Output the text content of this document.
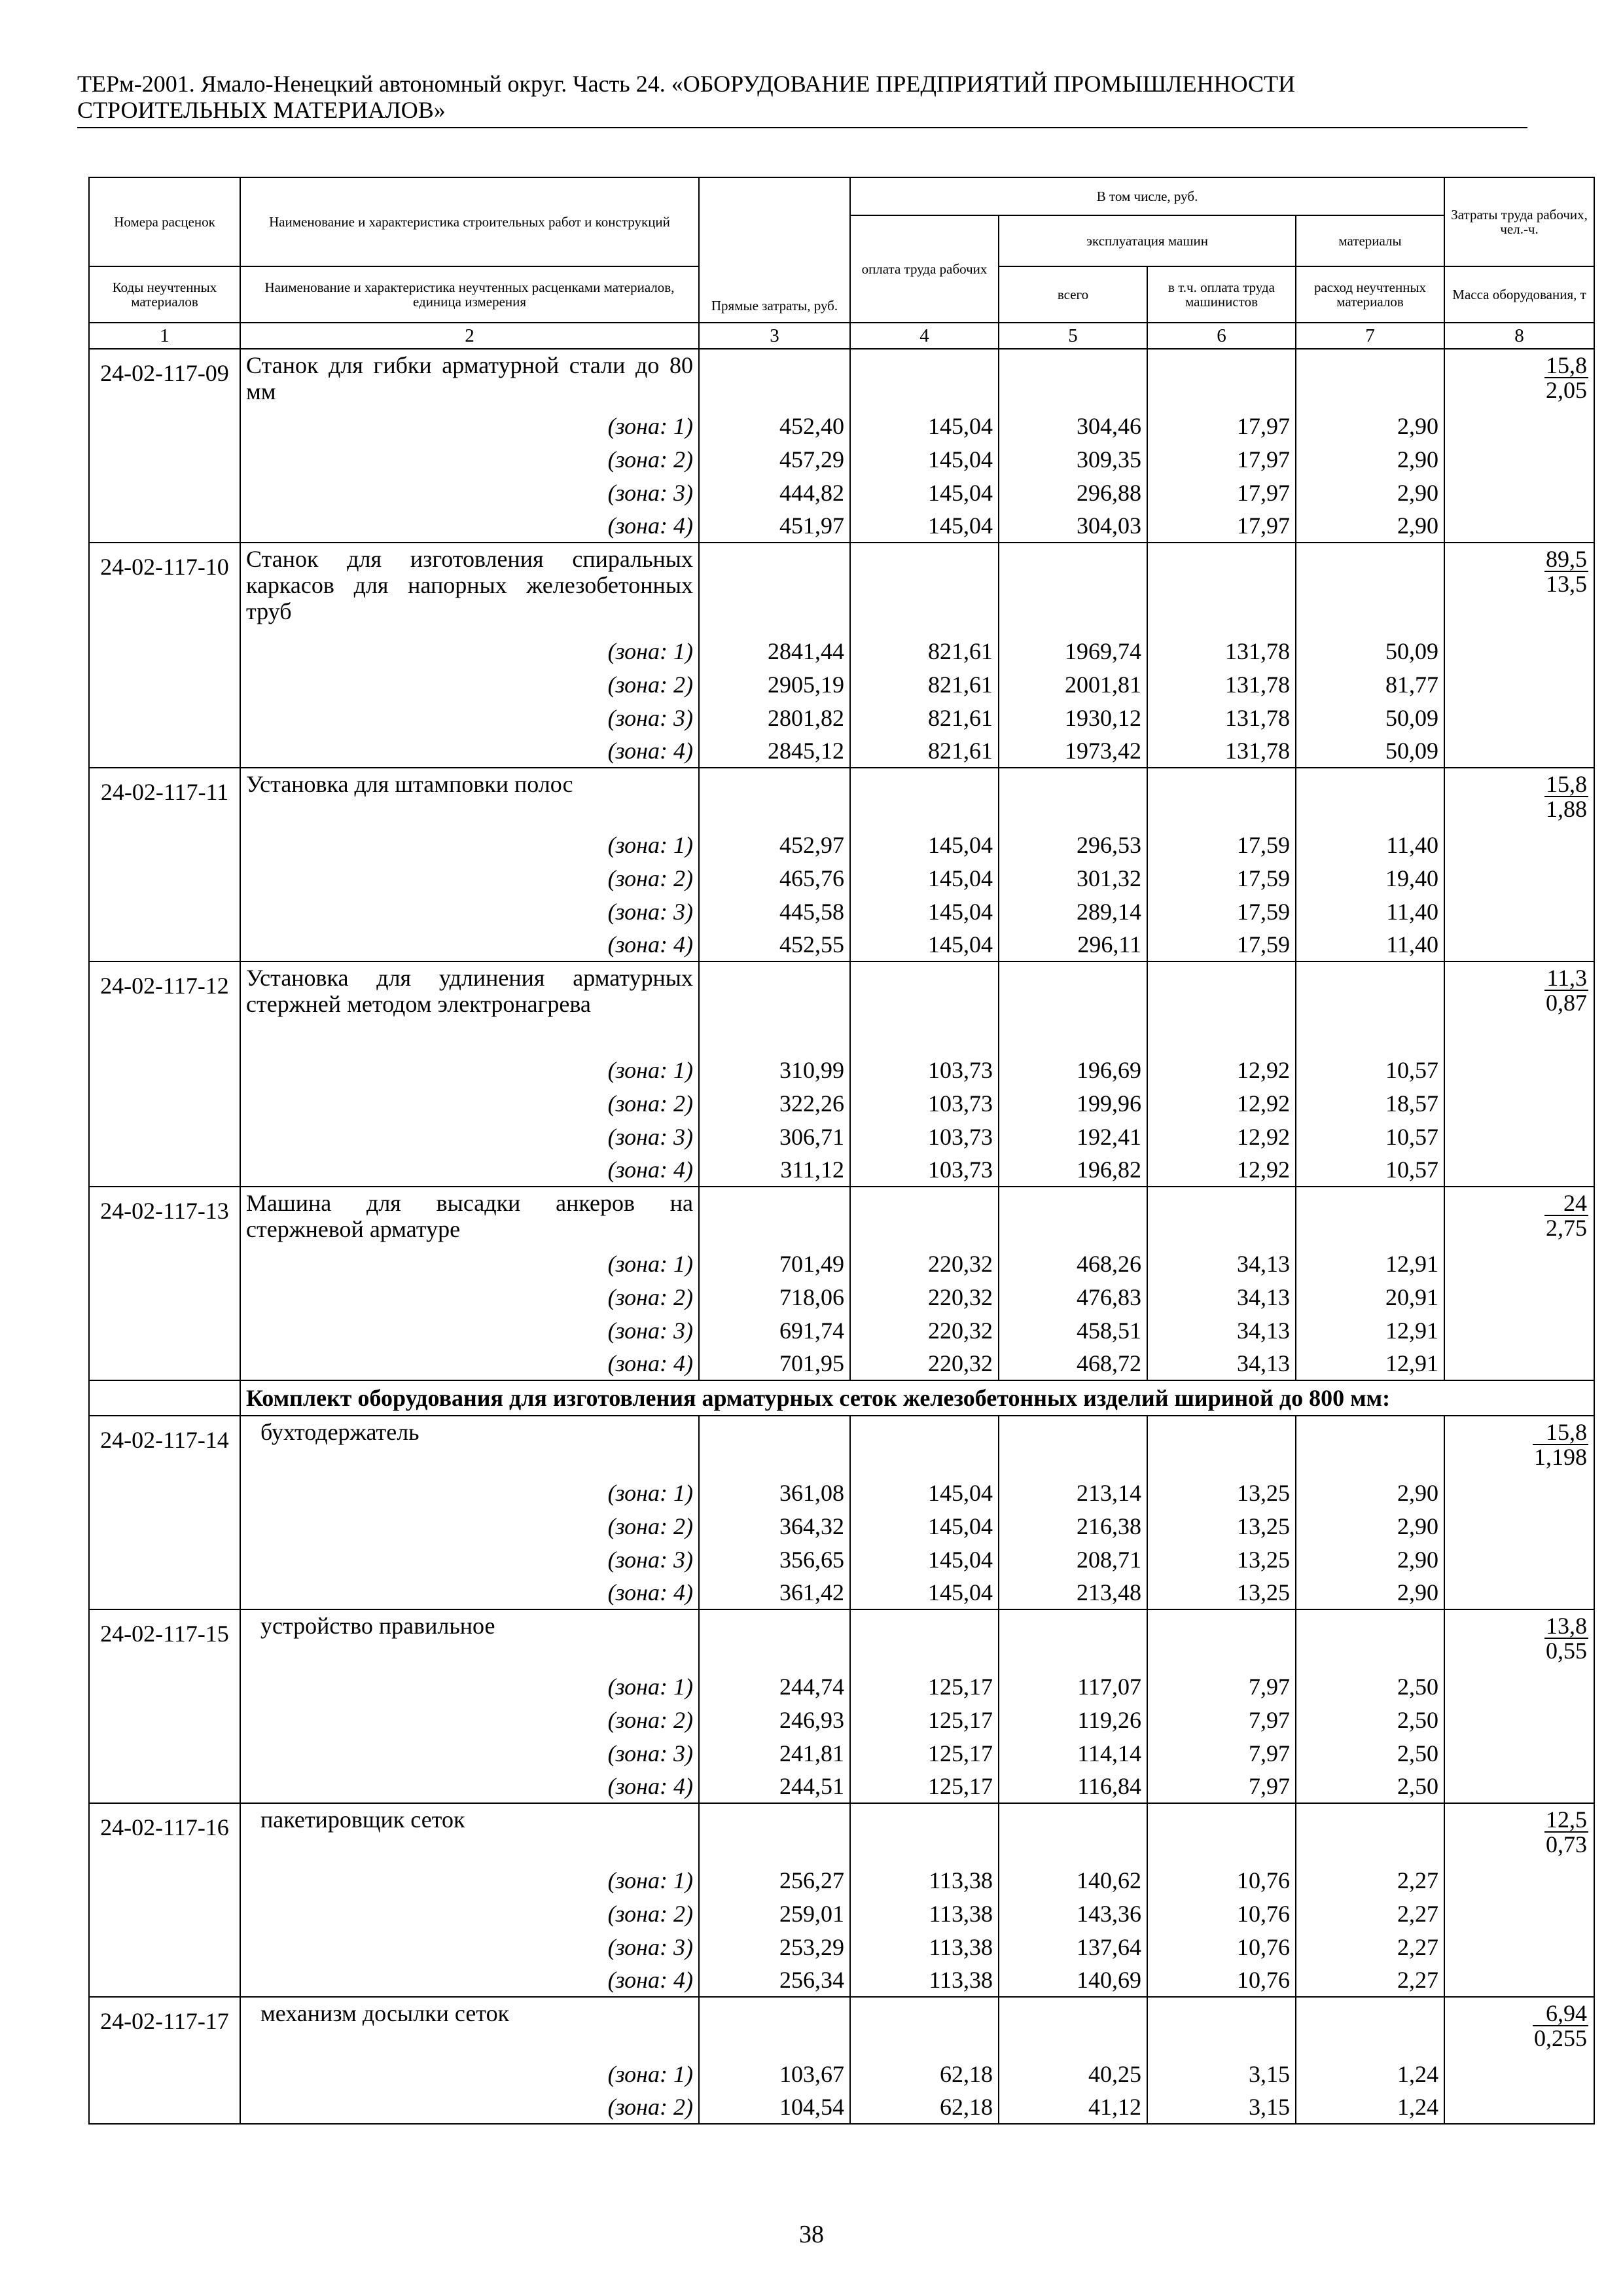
ТЕРм-2001. Ямало-Ненецкий автономный округ. Часть 24. «ОБОРУДОВАНИЕ ПРЕДПРИЯТИЙ ПРОМЫШЛЕННОСТИ
СТРОИТЕЛЬНЫХ МАТЕРИАЛОВ»
Номера расценок	Наименование и характеристика строительных работ и конструкций	Прямые затраты, руб.	В том числе, руб.				Затраты труда рабочих, чел.-ч.
			оплата труда рабочих	эксплуатация машин		материалы	
Коды неучтенных материалов	Наименование и характеристика неучтенных расценками материалов, единица измерения			всего	в т.ч. оплата труда машинистов	расход неучтенных материалов	Масса оборудования, т
1	2	3	4	5	6	7	8
24-02-117-09	Станок для гибки арматурной стали до 80 мм						$\frac{15,8}{2,05}$

	(зона: 1)	452,40	145,04	304,46	17,97	2,90	
	(зона: 2)	457,29	145,04	309,35	17,97	2,90	
	(зона: 3)	444,82	145,04	296,88	17,97	2,90	
	(зона: 4)	451,97	145,04	304,03	17,97	2,90	
24-02-117-10	Станок для изготовления спиральных каркасов для напорных железобетонных труб						$\frac{89,5}{13,5}$

	(зона: 1)	2841,44	821,61	1969,74	131,78	50,09	
	(зона: 2)	2905,19	821,61	2001,81	131,78	81,77	
	(зона: 3)	2801,82	821,61	1930,12	131,78	50,09	
	(зона: 4)	2845,12	821,61	1973,42	131,78	50,09	
24-02-117-11	Установка для штамповки полос						$\frac{15,8}{1,88}$

	(зона: 1)	452,97	145,04	296,53	17,59	11,40	
	(зона: 2)	465,76	145,04	301,32	17,59	19,40	
	(зона: 3)	445,58	145,04	289,14	17,59	11,40	
	(зона: 4)	452,55	145,04	296,11	17,59	11,40	
24-02-117-12	Установка для удлинения арматурных стержней методом электронагрева						$\frac{11,3}{0,87}$

	(зона: 1)	310,99	103,73	196,69	12,92	10,57	
	(зона: 2)	322,26	103,73	199,96	12,92	18,57	
	(зона: 3)	306,71	103,73	192,41	12,92	10,57	
	(зона: 4)	311,12	103,73	196,82	12,92	10,57	
24-02-117-13	Машина для высадки анкеров на стержневой арматуре						$\frac{24}{2,75}$

	(зона: 1)	701,49	220,32	468,26	34,13	12,91	
	(зона: 2)	718,06	220,32	476,83	34,13	20,91	
	(зона: 3)	691,74	220,32	458,51	34,13	12,91	
	(зона: 4)	701,95	220,32	468,72	34,13	12,91	
	Комплект оборудования для изготовления арматурных сеток железобетонных изделий шириной до 800 мм:						
24-02-117-14	бухтодержатель						$\frac{15,8}{1,198}$

	(зона: 1)	361,08	145,04	213,14	13,25	2,90	
	(зона: 2)	364,32	145,04	216,38	13,25	2,90	
	(зона: 3)	356,65	145,04	208,71	13,25	2,90	
	(зона: 4)	361,42	145,04	213,48	13,25	2,90	
24-02-117-15	устройство правильное						$\frac{13,8}{0,55}$

	(зона: 1)	244,74	125,17	117,07	7,97	2,50	
	(зона: 2)	246,93	125,17	119,26	7,97	2,50	
	(зона: 3)	241,81	125,17	114,14	7,97	2,50	
	(зона: 4)	244,51	125,17	116,84	7,97	2,50	
24-02-117-16	пакетировщик сеток						$\frac{12,5}{0,73}$

	(зона: 1)	256,27	113,38	140,62	10,76	2,27	
	(зона: 2)	259,01	113,38	143,36	10,76	2,27	
	(зона: 3)	253,29	113,38	137,64	10,76	2,27	
	(зона: 4)	256,34	113,38	140,69	10,76	2,27	
24-02-117-17	механизм досылки сеток						$\frac{6,94}{0,255}$

	(зона: 1)	103,67	62,18	40,25	3,15	1,24	
	(зона: 2)	104,54	62,18	41,12	3,15	1,24	
38
